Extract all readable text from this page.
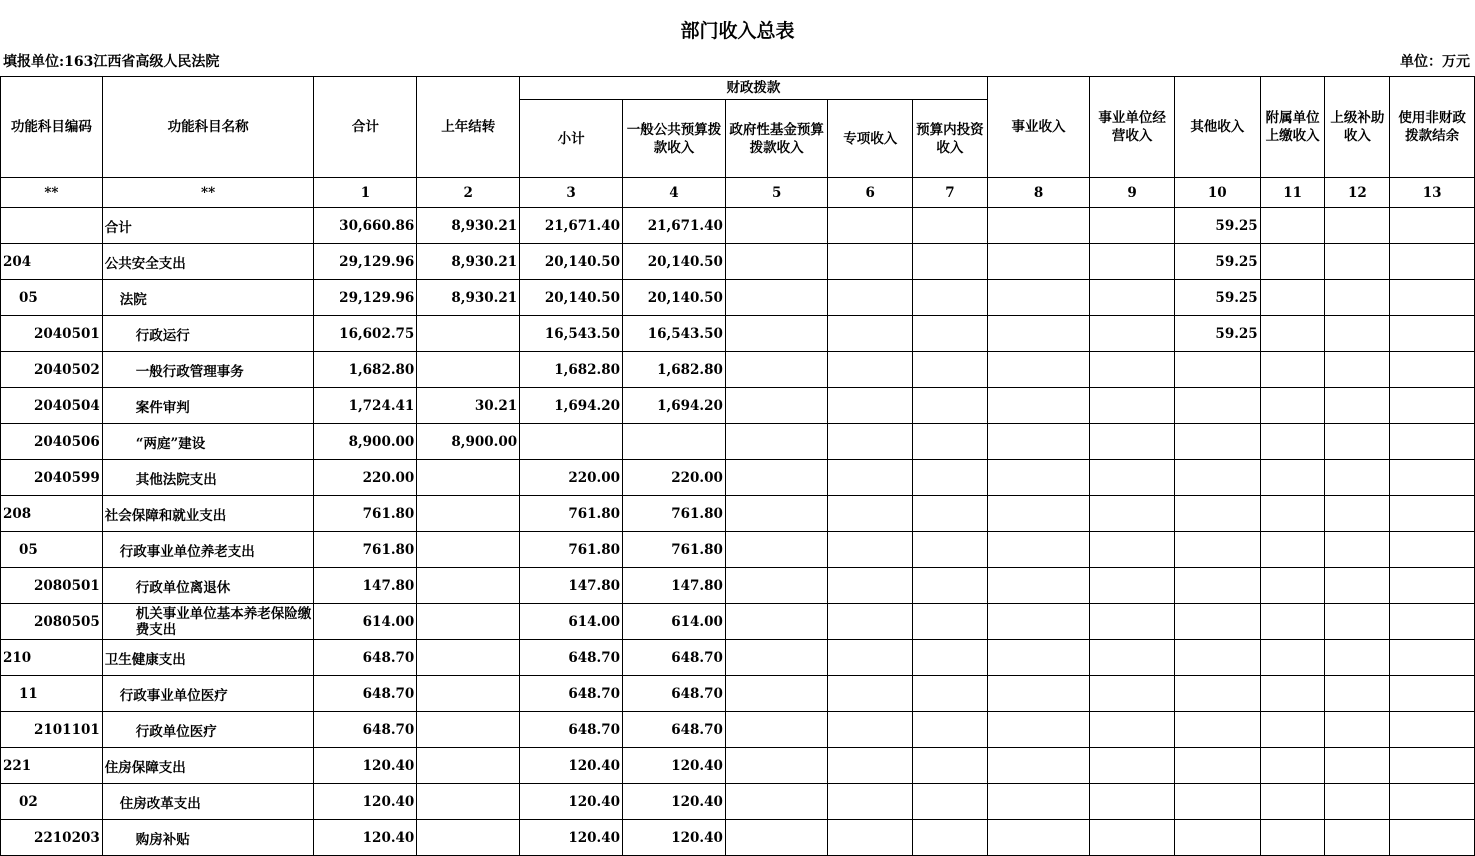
部门收入总表
填报单位:163江西省高级人民法院	单位：万元
功能科目编码	功能科目名称	合计	上年结转	财政拨款					事业收入	事业单位经营收入	其他收入	附属单位上缴收入	上级补助收入	使用非财政拨款结余
				小计	一般公共预算拨款收入	政府性基金预算拨款收入	专项收入	预算内投资收入						
**	**	1	2	3	4	5	6	7	8	9	10	11	12	13
	合计	30,660.86	8,930.21	21,671.40	21,671.40						59.25			
204	公共安全支出	29,129.96	8,930.21	20,140.50	20,140.50						59.25			
05	法院	29,129.96	8,930.21	20,140.50	20,140.50						59.25			
2040501	行政运行	16,602.75		16,543.50	16,543.50						59.25			
2040502	一般行政管理事务	1,682.80		1,682.80	1,682.80									
2040504	案件审判	1,724.41	30.21	1,694.20	1,694.20									
2040506	“两庭”建设	8,900.00	8,900.00											
2040599	其他法院支出	220.00		220.00	220.00									
208	社会保障和就业支出	761.80		761.80	761.80									
05	行政事业单位养老支出	761.80		761.80	761.80									
2080501	行政单位离退休	147.80		147.80	147.80									
2080505	机关事业单位基本养老保险缴费支出	614.00		614.00	614.00									
210	卫生健康支出	648.70		648.70	648.70									
11	行政事业单位医疗	648.70		648.70	648.70									
2101101	行政单位医疗	648.70		648.70	648.70									
221	住房保障支出	120.40		120.40	120.40									
02	住房改革支出	120.40		120.40	120.40									
2210203	购房补贴	120.40		120.40	120.40									
